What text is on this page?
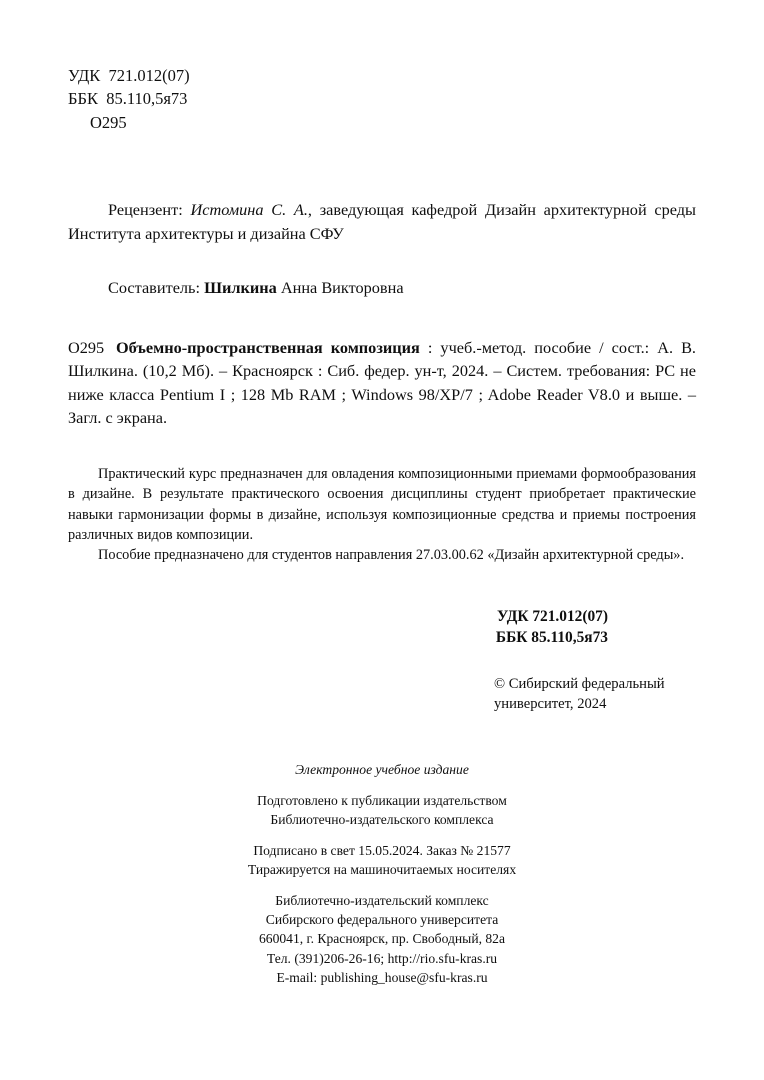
УДК  721.012(07)
ББК  85.110,5я73
О295
Рецензент: Истомина С. А., заведующая кафедрой Дизайн архитектурной среды Института архитектуры и дизайна СФУ
Составитель: Шилкина Анна Викторовна
О295 Объемно-пространственная композиция : учеб.-метод. пособие / сост.: А. В. Шилкина. (10,2 Мб). – Красноярск : Сиб. федер. ун-т, 2024. – Систем. требования: PC не ниже класса Pentium I ; 128 Mb RAM ; Windows 98/XP/7 ; Adobe Reader V8.0 и выше. – Загл. с экрана.

Практический курс предназначен для овладения композиционными приемами формообразования в дизайне. В результате практического освоения дисциплины студент приобретает практические навыки гармонизации формы в дизайне, используя композиционные средства и приемы построения различных видов композиции.

Пособие предназначено для студентов направления 27.03.00.62 «Дизайн архитектурной среды».

УДК 721.012(07)
ББК 85.110,5я73
© Сибирский федеральный
университет, 2024
Электронное учебное издание
Подготовлено к публикации издательством
Библиотечно-издательского комплекса
Подписано в свет 15.05.2024. Заказ № 21577
Тиражируется на машиночитаемых носителях
Библиотечно-издательский комплекс
Сибирского федерального университета
660041, г. Красноярск, пр. Свободный, 82а
Тел. (391)206-26-16; http://rio.sfu-kras.ru
E-mail: publishing_house@sfu-kras.ru
